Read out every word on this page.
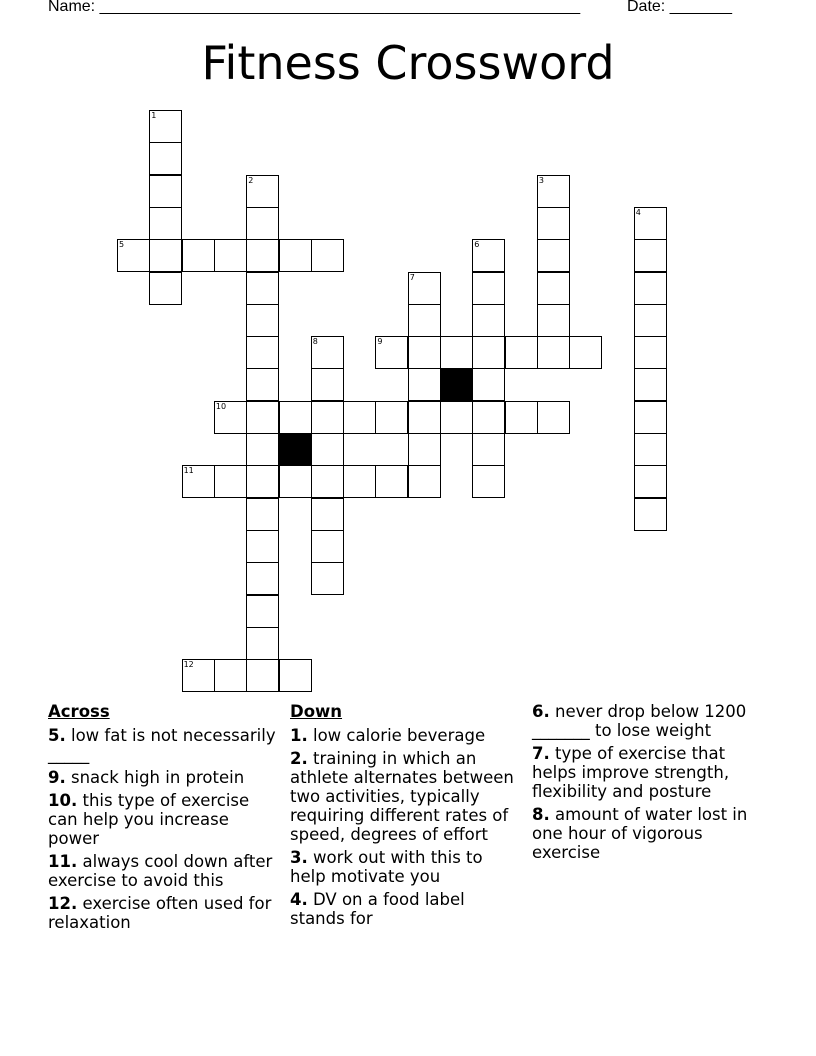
Name: ______________________________________________________	Date: _______
Fitness Crossword
1
2	3
4
5	6
7
8	9
10
11
12
Across
5. low fat is not necessarily _____
9. snack high in protein
10. this type of exercise can help you increase power
11. always cool down after exercise to avoid this
12. exercise often used for relaxation
Down
1. low calorie beverage
2. training in which an athlete alternates between two activities, typically requiring different rates of speed, degrees of effort
3. work out with this to help motivate you
4. DV on a food label stands for
6. never drop below 1200 _______ to lose weight
7. type of exercise that helps improve strength, flexibility and posture
8. amount of water lost in one hour of vigorous exercise
